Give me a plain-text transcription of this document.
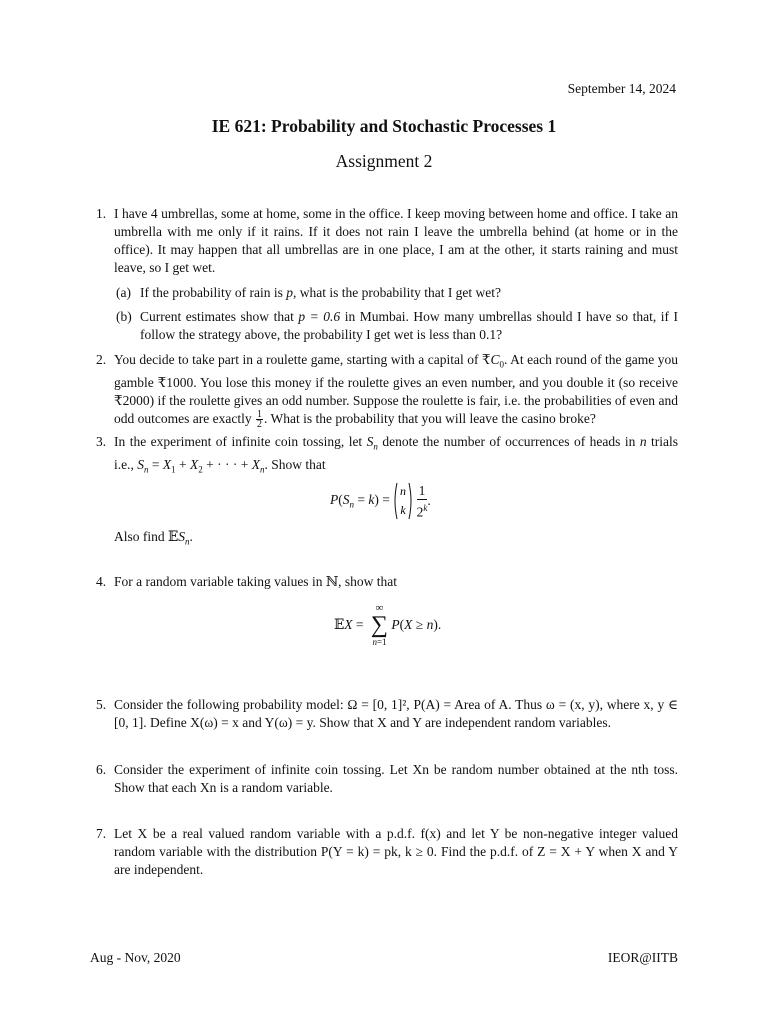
September 14, 2024
IE 621: Probability and Stochastic Processes 1
Assignment 2
1. I have 4 umbrellas, some at home, some in the office. I keep moving between home and office. I take an umbrella with me only if it rains. If it does not rain I leave the umbrella behind (at home or in the office). It may happen that all umbrellas are in one place, I am at the other, it starts raining and must leave, so I get wet.
(a) If the probability of rain is p, what is the probability that I get wet?
(b) Current estimates show that p = 0.6 in Mumbai. How many umbrellas should I have so that, if I follow the strategy above, the probability I get wet is less than 0.1?
2. You decide to take part in a roulette game, starting with a capital of $₹C_0$. At each round of the game you gamble ₹1000. You lose this money if the roulette gives an even number, and you double it (so receive ₹2000) if the roulette gives an odd number. Suppose the roulette is fair, i.e. the probabilities of even and odd outcomes are exactly $\frac{1}{2}$ . What is the probability that you will leave the casino broke?
3. In the experiment of infinite coin tossing, let $S_n$ denote the number of occurrences of heads in n trials i.e., $S_n = X_1 + X_2$ + · · · + $X_n$. Show that
$P(S_n = k)$ =
n
k
$\frac{1}{2^k}$ .
Also find 𝔼S$_n$.
4. For a random variable taking values in ℕ, show that
𝔼X =
∞
∑
n=1
P(X ≥ n).
5. Consider the following probability model: Ω = [0, 1]², P(A) = Area of A. Thus ω = (x, y), where x, y ∈ [0, 1]. Define X(ω) = x and Y(ω) = y. Show that X and Y are independent random variables.
6. Consider the experiment of infinite coin tossing. Let Xn be random number obtained at the nth toss. Show that each Xn is a random variable.
7. Let X be a real valued random variable with a p.d.f. f(x) and let Y be non-negative integer valued random variable with the distribution P(Y = k) = pk, k ≥ 0. Find the p.d.f. of Z = X + Y when X and Y are independent.
Aug - Nov, 2020	IEOR@IITB
